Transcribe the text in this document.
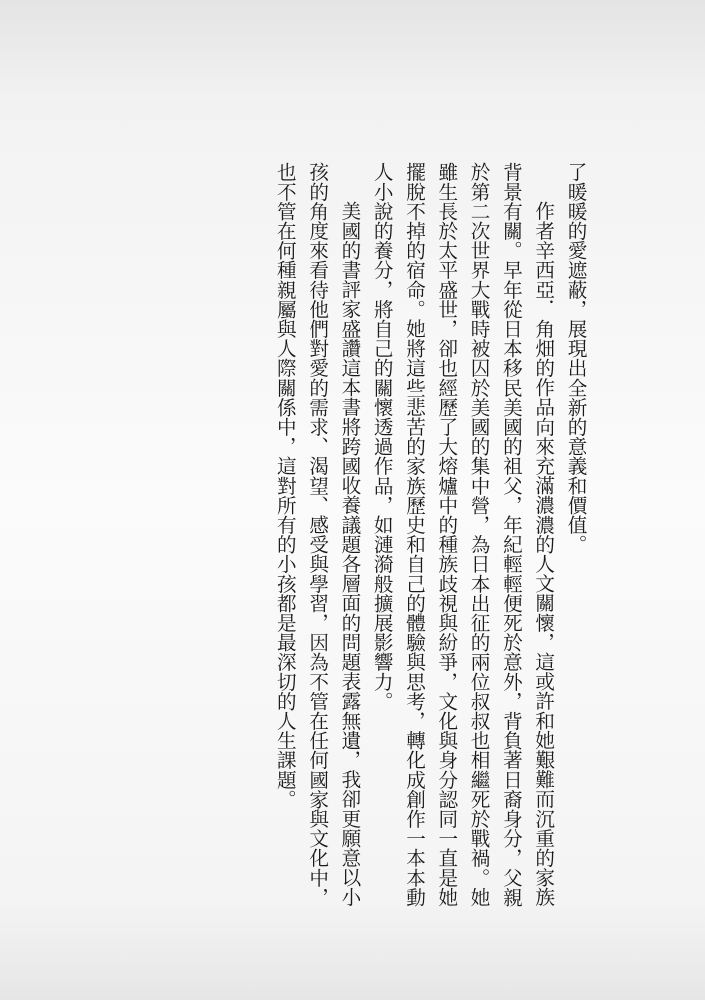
了暖暖的愛遮蔽，展現出全新的意義和價值。

作者辛西亞．角畑的作品向來充滿濃濃的人文關懷，這或許和她艱難而沉重的家族背景有關。早年從日本移民美國的祖父，年紀輕輕便死於意外，背負著日裔身分，父親於第二次世界大戰時被囚於美國的集中營，為日本出征的兩位叔叔也相繼死於戰禍。她雖生長於太平盛世，卻也經歷了大熔爐中的種族歧視與紛爭，文化與身分認同一直是她擺脫不掉的宿命。她將這些悲苦的家族歷史和自己的體驗與思考，轉化成創作一本本動人小說的養分，將自己的關懷透過作品，如漣漪般擴展影響力。

美國的書評家盛讚這本書將跨國收養議題各層面的問題表露無遺，我卻更願意以小孩的角度來看待他們對愛的需求、渴望、感受與學習，因為不管在任何國家與文化中，也不管在何種親屬與人際關係中，這對所有的小孩都是最深切的人生課題。
